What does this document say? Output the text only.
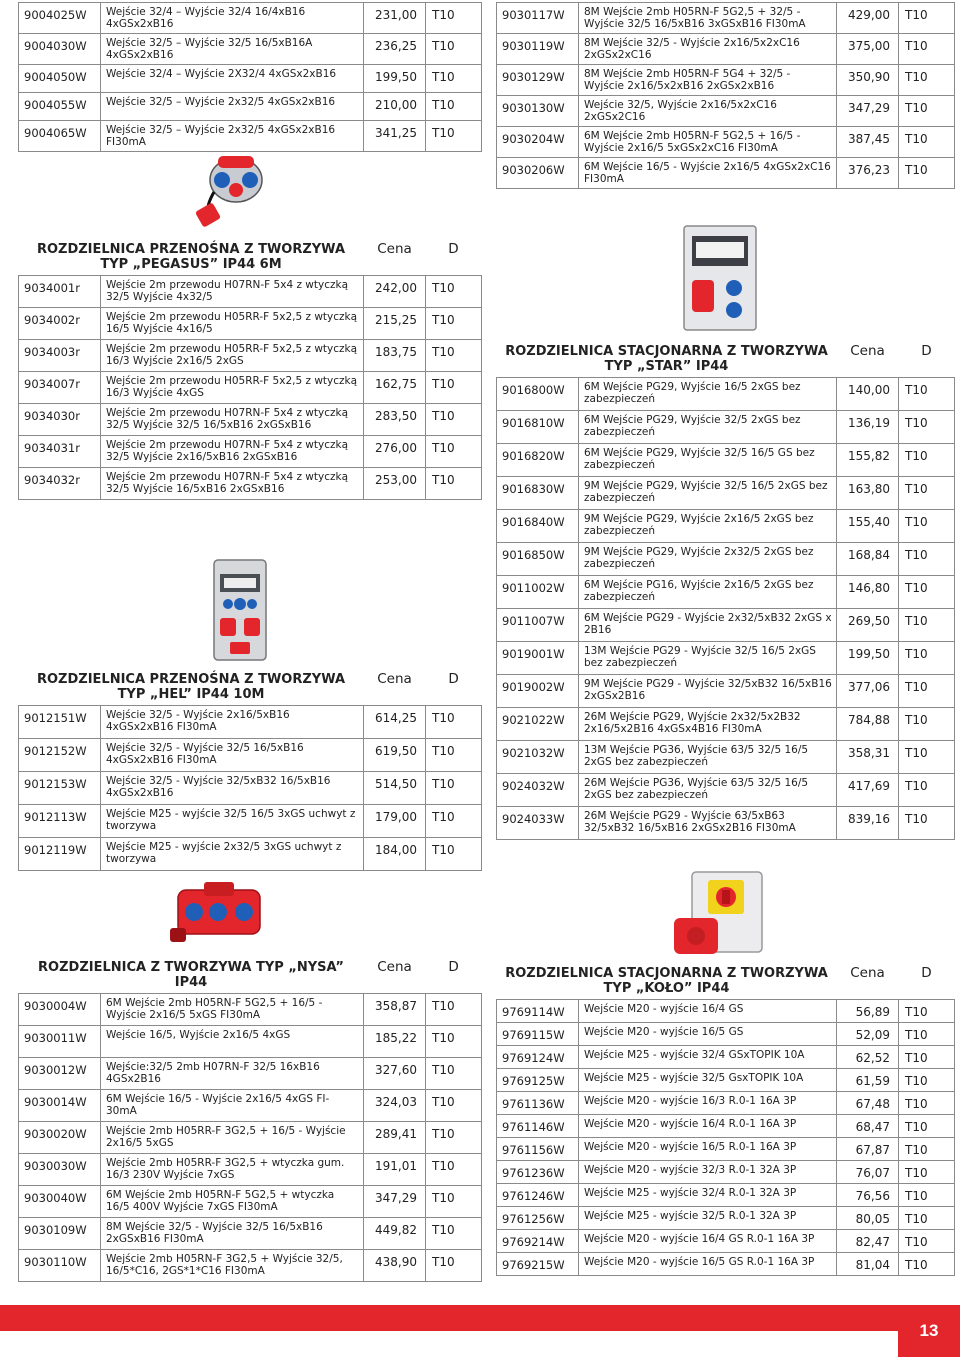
9004025W	Wejście 32/4 – Wyjście 32/4 16/4xB16 4xGSx2xB16	231,00	T10
9004030W	Wejście 32/5 – Wyjście 32/5 16/5xB16A 4xGSx2xB16	236,25	T10
9004050W	Wejście 32/4 – Wyjście 2X32/4 4xGSx2xB16	199,50	T10
9004055W	Wejście 32/5 – Wyjście 2x32/5 4xGSx2xB16	210,00	T10
9004065W	Wejście 32/5 – Wyjście 2x32/5 4xGSx2xB16 FI30mA	341,25	T10
9030117W	8M Wejście 2mb H05RN-F 5G2,5 + 32/5 - Wyjście 32/5 16/5xB16 3xGSxB16 FI30mA	429,00	T10
9030119W	8M Wejście 32/5 - Wyjście 2x16/5x2xC16 2xGSx2xC16	375,00	T10
9030129W	8M Wejście 2mb H05RN-F 5G4 + 32/5 - Wyjście 2x16/5x2xB16 2xGSx2xB16	350,90	T10
9030130W	Wejście 32/5, Wyjście 2x16/5x2xC16 2xGSx2C16	347,29	T10
9030204W	6M Wejście 2mb H05RN-F 5G2,5 + 16/5 - Wyjście 2x16/5 5xGSx2xC16 FI30mA	387,45	T10
9030206W	6M Wejście 16/5 - Wyjście 2x16/5 4xGSx2xC16 FI30mA	376,23	T10
ROZDZIELNICA PRZENOŚNA Z TWORZYWA TYP „PEGASUS” IP44 6M		Cena	D
9034001r	Wejście 2m przewodu H07RN-F 5x4 z wtyczką 32/5 Wyjście 4x32/5	242,00	T10
9034002r	Wejście 2m przewodu H05RR-F 5x2,5 z wtyczką 16/5 Wyjście 4x16/5	215,25	T10
9034003r	Wejście 2m przewodu H05RR-F 5x2,5 z wtyczką 16/3 Wyjście 2x16/5 2xGS	183,75	T10
9034007r	Wejście 2m przewodu H05RR-F 5x2,5 z wtyczką 16/3 Wyjście 4xGS	162,75	T10
9034030r	Wejście 2m przewodu H07RN-F 5x4 z wtyczką 32/5 Wyjście 32/5 16/5xB16 2xGSxB16	283,50	T10
9034031r	Wejście 2m przewodu H07RN-F 5x4 z wtyczką 32/5 Wyjście 2x16/5xB16 2xGSxB16	276,00	T10
9034032r	Wejście 2m przewodu H07RN-F 5x4 z wtyczką 32/5 Wyjście 16/5xB16 2xGSxB16	253,00	T10
ROZDZIELNICA PRZENOŚNA Z TWORZYWA TYP „HEL” IP44 10M		Cena	D
9012151W	Wejście 32/5 - Wyjście 2x16/5xB16 4xGSx2xB16 FI30mA	614,25	T10
9012152W	Wejście 32/5 - Wyjście 32/5 16/5xB16 4xGSx2xB16 FI30mA	619,50	T10
9012153W	Wejście 32/5 - Wyjście 32/5xB32 16/5xB16 4xGSx2xB16	514,50	T10
9012113W	Wejście M25 - wyjście 32/5 16/5 3xGS uchwyt z tworzywa	179,00	T10
9012119W	Wejście M25 - wyjście 2x32/5 3xGS uchwyt z tworzywa	184,00	T10
ROZDZIELNICA STACJONARNA Z TWORZYWA TYP „STAR” IP44		Cena	D
9016800W	6M Wejście PG29, Wyjście 16/5 2xGS bez zabezpieczeń	140,00	T10
9016810W	6M Wejście PG29, Wyjście 32/5 2xGS bez zabezpieczeń	136,19	T10
9016820W	6M Wejście PG29, Wyjście 32/5 16/5 GS bez zabezpieczeń	155,82	T10
9016830W	9M Wejście PG29, Wyjście 32/5 16/5 2xGS bez zabezpieczeń	163,80	T10
9016840W	9M Wejście PG29, Wyjście 2x16/5 2xGS bez zabezpieczeń	155,40	T10
9016850W	9M Wejście PG29, Wyjście 2x32/5 2xGS bez zabezpieczeń	168,84	T10
9011002W	6M Wejście PG16, Wyjście 2x16/5 2xGS bez zabezpieczeń	146,80	T10
9011007W	6M Wejście PG29 - Wyjście 2x32/5xB32 2xGS x 2B16	269,50	T10
9019001W	13M Wejście PG29 - Wyjście 32/5 16/5 2xGS bez zabezpieczeń	199,50	T10
9019002W	9M Wejście PG29 - Wyjście 32/5xB32 16/5xB16 2xGSx2B16	377,06	T10
9021022W	26M Wejście PG29, Wyjście 2x32/5x2B32 2x16/5x2B16 4xGSx4B16 FI30mA	784,88	T10
9021032W	13M Wejście PG36, Wyjście 63/5 32/5 16/5 2xGS bez zabezpieczeń	358,31	T10
9024032W	26M Wejście PG36, Wyjście 63/5 32/5 16/5 2xGS bez zabezpieczeń	417,69	T10
9024033W	26M Wejście PG29 - Wyjście 63/5xB63 32/5xB32 16/5xB16 2xGSx2B16 FI30mA	839,16	T10
ROZDZIELNICA Z TWORZYWA TYP „NYSA” IP44		Cena	D
9030004W	6M Wejście 2mb H05RN-F 5G2,5 + 16/5 - Wyjście 2x16/5 5xGS FI30mA	358,87	T10
9030011W	Wejście 16/5, Wyjście 2x16/5 4xGS	185,22	T10
9030012W	Wejście:32/5 2mb H07RN-F 32/5 16xB16 4GSx2B16	327,60	T10
9030014W	6M Wejście 16/5 - Wyjście 2x16/5 4xGS FI-30mA	324,03	T10
9030020W	Wejście 2mb H05RR-F 3G2,5 + 16/5 - Wyjście 2x16/5 5xGS	289,41	T10
9030030W	Wejście 2mb H05RR-F 3G2,5 + wtyczka gum. 16/3 230V Wyjście 7xGS	191,01	T10
9030040W	6M Wejście 2mb H05RN-F 5G2,5 + wtyczka 16/5 400V Wyjście 7xGS FI30mA	347,29	T10
9030109W	8M Wejście 32/5 - Wyjście 32/5 16/5xB16 2xGSxB16 FI30mA	449,82	T10
9030110W	Wejście 2mb H05RN-F 3G2,5 + Wyjście 32/5, 16/5*C16, 2GS*1*C16 FI30mA	438,90	T10
ROZDZIELNICA STACJONARNA Z TWORZYWA TYP „KOŁO” IP44		Cena	D
9769114W	Wejście M20 - wyjście 16/4 GS	56,89	T10
9769115W	Wejście M20 - wyjście 16/5 GS	52,09	T10
9769124W	Wejście M25 - wyjście 32/4 GSxTOPIK 10A	62,52	T10
9769125W	Wejście M25 - wyjście 32/5 GsxTOPIK 10A	61,59	T10
9761136W	Wejście M20 - wyjście 16/3 R.0-1 16A 3P	67,48	T10
9761146W	Wejście M20 - wyjście 16/4 R.0-1 16A 3P	68,47	T10
9761156W	Wejście M20 - wyjście 16/5 R.0-1 16A 3P	67,87	T10
9761236W	Wejście M20 - wyjście 32/3 R.0-1 32A 3P	76,07	T10
9761246W	Wejście M25 - wyjście 32/4 R.0-1 32A 3P	76,56	T10
9761256W	Wejście M25 - wyjście 32/5 R.0-1 32A 3P	80,05	T10
9769214W	Wejście M20 - wyjście 16/4 GS R.0-1 16A 3P	82,47	T10
9769215W	Wejście M20 - wyjście 16/5 GS R.0-1 16A 3P	81,04	T10
13
